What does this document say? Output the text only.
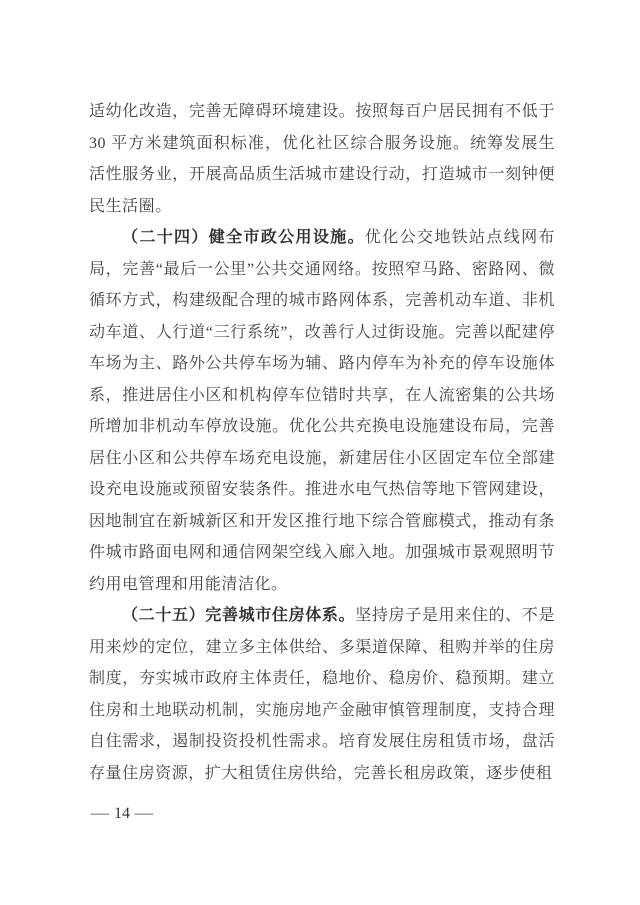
适幼化改造，完善无障碍环境建设。按照每百户居民拥有不低于30 平方米建筑面积标准，优化社区综合服务设施。统筹发展生活性服务业，开展高品质生活城市建设行动，打造城市一刻钟便民生活圈。

（二十四）健全市政公用设施。优化公交地铁站点线网布局，完善“最后一公里”公共交通网络。按照窄马路、密路网、微循环方式，构建级配合理的城市路网体系，完善机动车道、非机动车道、人行道“三行系统”，改善行人过街设施。完善以配建停车场为主、路外公共停车场为辅、路内停车为补充的停车设施体系，推进居住小区和机构停车位错时共享，在人流密集的公共场所增加非机动车停放设施。优化公共充换电设施建设布局，完善居住小区和公共停车场充电设施，新建居住小区固定车位全部建设充电设施或预留安装条件。推进水电气热信等地下管网建设，因地制宜在新城新区和开发区推行地下综合管廊模式，推动有条件城市路面电网和通信网架空线入廊入地。加强城市景观照明节约用电管理和用能清洁化。

（二十五）完善城市住房体系。坚持房子是用来住的、不是用来炒的定位，建立多主体供给、多渠道保障、租购并举的住房制度，夯实城市政府主体责任，稳地价、稳房价、稳预期。建立住房和土地联动机制，实施房地产金融审慎管理制度，支持合理自住需求，遏制投资投机性需求。培育发展住房租赁市场，盘活存量住房资源，扩大租赁住房供给，完善长租房政策，逐步使租

— 14 —
